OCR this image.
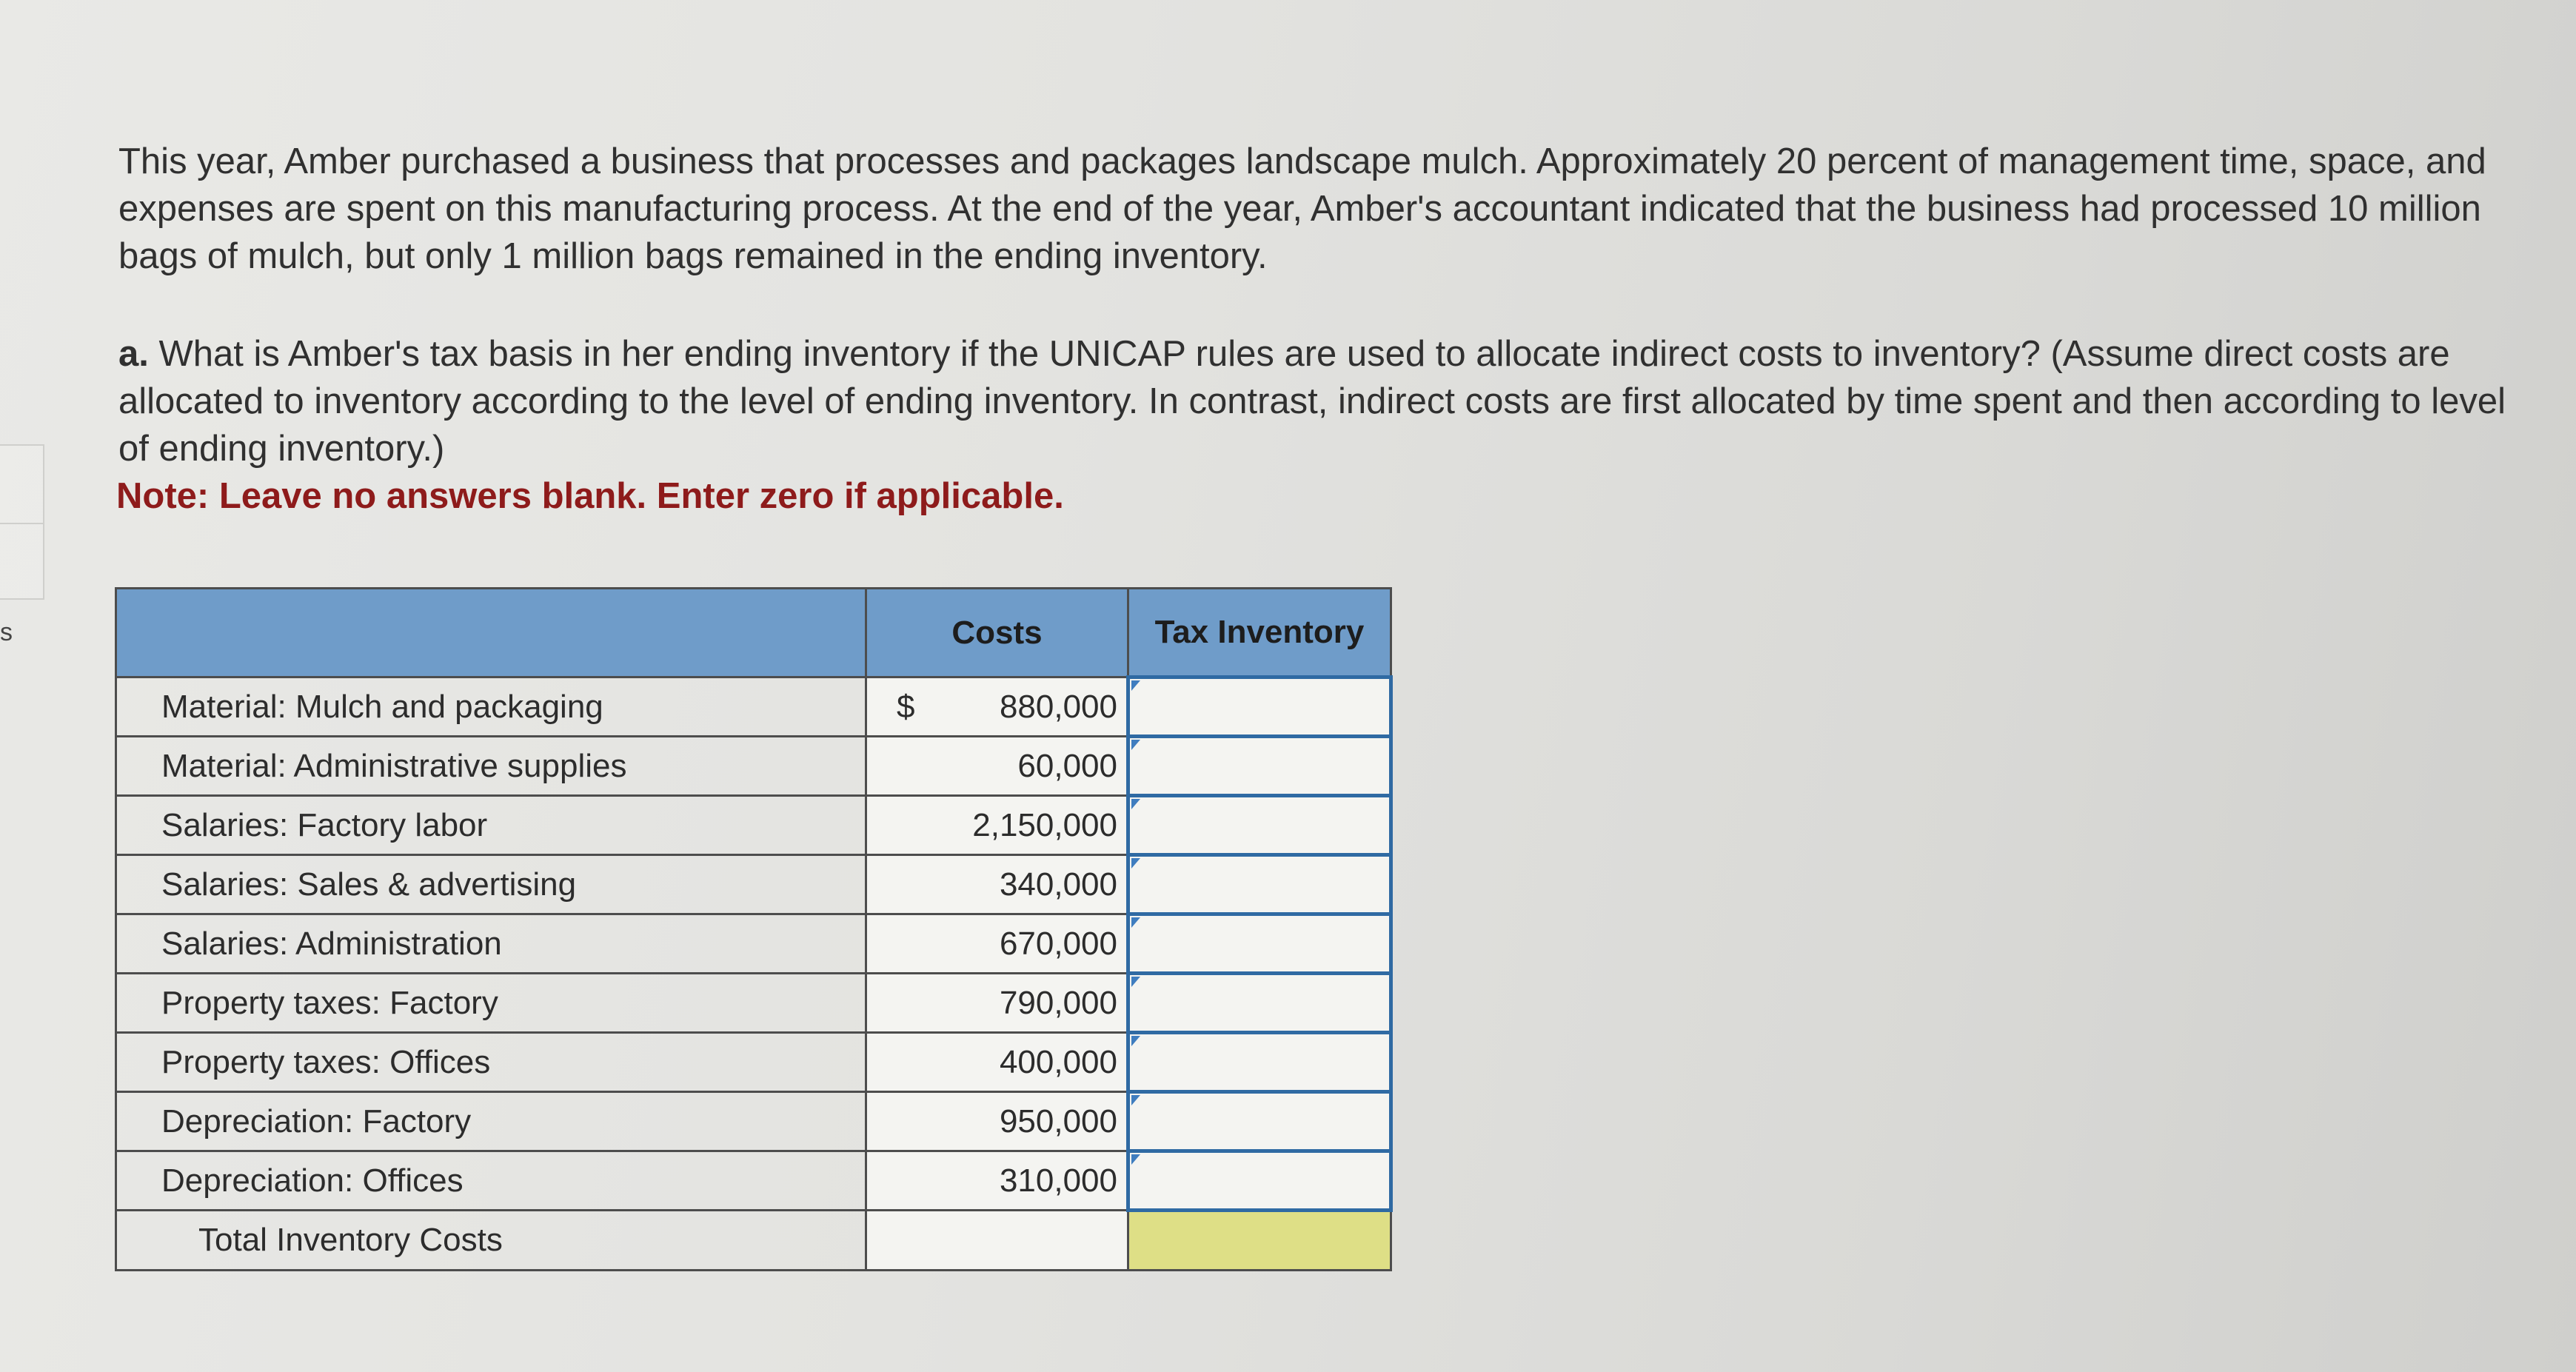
s

This year, Amber purchased a business that processes and packages landscape mulch. Approximately 20 percent of management time, space, and expenses are spent on this manufacturing process. At the end of the year, Amber's accountant indicated that the business had processed 10 million bags of mulch, but only 1 million bags remained in the ending inventory.

a. What is Amber's tax basis in her ending inventory if the UNICAP rules are used to allocate indirect costs to inventory? (Assume direct costs are allocated to inventory according to the level of ending inventory. In contrast, indirect costs are first allocated by time spent and then according to level of ending inventory.)

Note: Leave no answers blank. Enter zero if applicable.
	Costs	Tax Inventory
Material: Mulch and packaging	$ 880,000

Material: Administrative supplies	60,000

Salaries: Factory labor	2,150,000

Salaries: Sales & advertising	340,000

Salaries: Administration	670,000

Property taxes: Factory	790,000

Property taxes: Offices	400,000

Depreciation: Factory	950,000

Depreciation: Offices	310,000

Total Inventory Costs		
